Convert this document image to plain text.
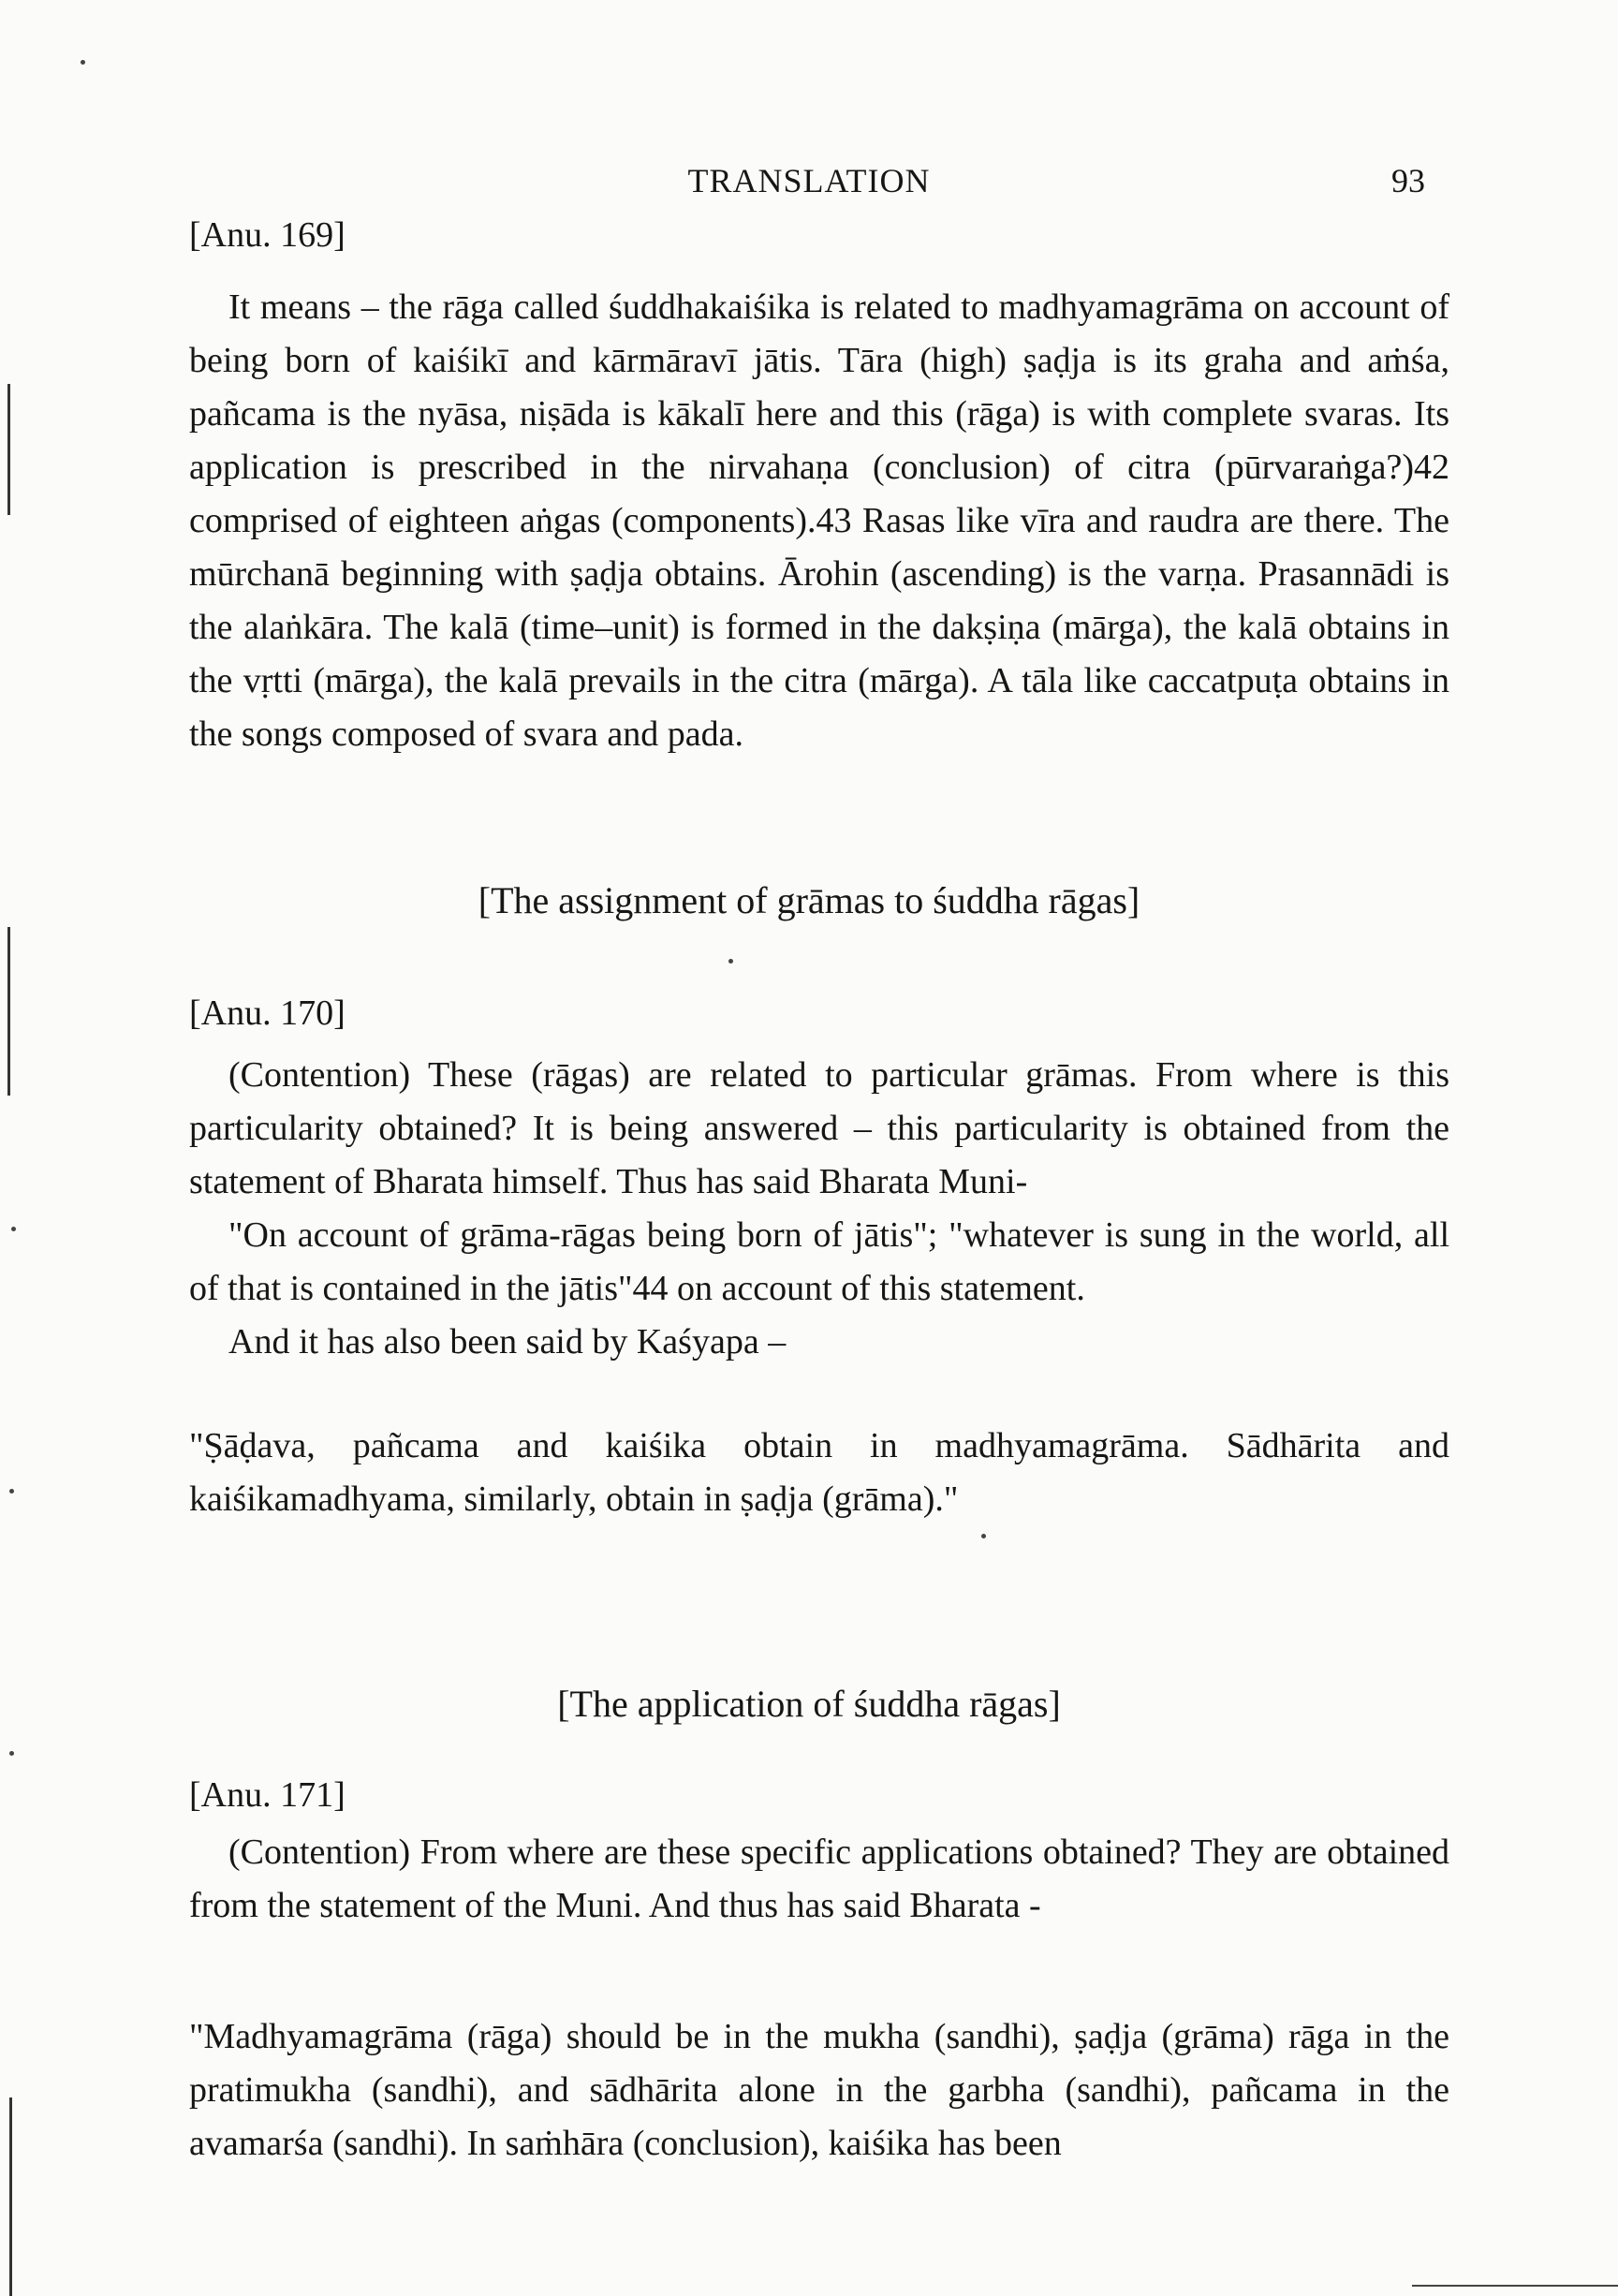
TRANSLATION	93
[Anu. 169]
It means – the rāga called śuddhakaiśika is related to madhyamagrāma on account of being born of kaiśikī and kārmāravī jātis. Tāra (high) ṣaḍja is its graha and aṁśa, pañcama is the nyāsa, niṣāda is kākalī here and this (rāga) is with complete svaras. Its application is prescribed in the nirvahaṇa (conclusion) of citra (pūrvaraṅga?)42 comprised of eighteen aṅgas (components).43 Rasas like vīra and raudra are there. The mūrchanā beginning with ṣaḍja obtains. Ārohin (ascending) is the varṇa. Prasannādi is the alaṅkāra. The kalā (time–unit) is formed in the dakṣiṇa (mārga), the kalā obtains in the vṛtti (mārga), the kalā prevails in the citra (mārga). A tāla like caccatpuṭa obtains in the songs composed of svara and pada.
[The assignment of grāmas to śuddha rāgas]
[Anu. 170]
(Contention) These (rāgas) are related to particular grāmas. From where is this particularity obtained? It is being answered – this particularity is obtained from the statement of Bharata himself. Thus has said Bharata Muni-
"On account of grāma-rāgas being born of jātis"; "whatever is sung in the world, all of that is contained in the jātis"44 on account of this statement.
And it has also been said by Kaśyapa –
"Ṣāḍava, pañcama and kaiśika obtain in madhyamagrāma. Sādhārita and kaiśikamadhyama, similarly, obtain in ṣaḍja (grāma)."
[The application of śuddha rāgas]
[Anu. 171]
(Contention) From where are these specific applications obtained? They are obtained from the statement of the Muni. And thus has said Bharata -
"Madhyamagrāma (rāga) should be in the mukha (sandhi), ṣaḍja (grāma) rāga in the pratimukha (sandhi), and sādhārita alone in the garbha (sandhi), pañcama in the avamarśa (sandhi). In saṁhāra (conclusion), kaiśika has been
